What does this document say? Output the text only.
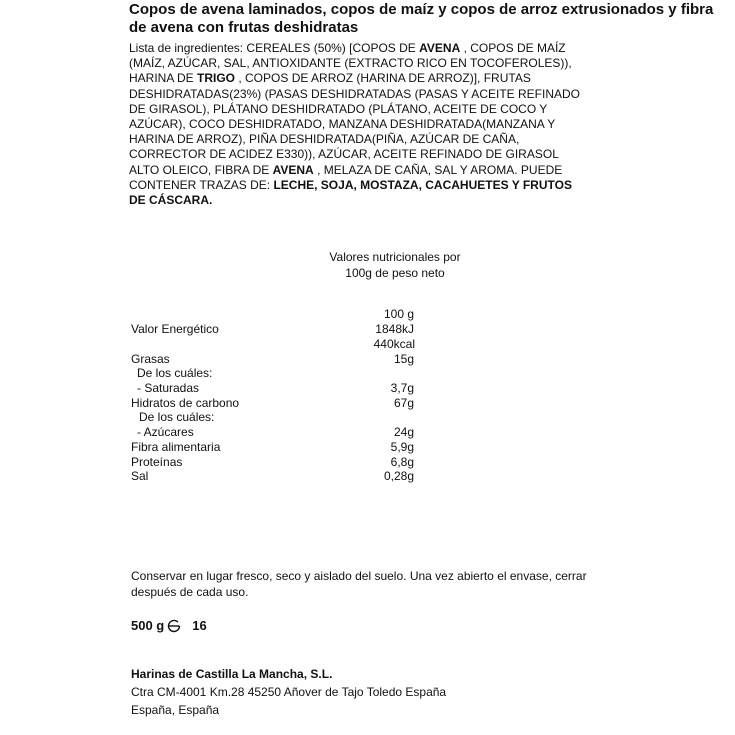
Copos de avena laminados, copos de maíz y copos de arroz extrusionados y fibra de avena con frutas deshidratas
Lista de ingredientes: CEREALES (50%) [COPOS DE AVENA , COPOS DE MAÍZ (MAÍZ, AZÚCAR, SAL, ANTIOXIDANTE (EXTRACTO RICO EN TOCOFEROLES)), HARINA DE TRIGO , COPOS DE ARROZ (HARINA DE ARROZ)], FRUTAS DESHIDRATADAS(23%) (PASAS DESHIDRATADAS (PASAS Y ACEITE REFINADO DE GIRASOL), PLÁTANO DESHIDRATADO (PLÁTANO, ACEITE DE COCO Y AZÚCAR), COCO DESHIDRATADO, MANZANA DESHIDRATADA(MANZANA Y HARINA DE ARROZ), PIÑA DESHIDRATADA(PIÑA, AZÚCAR DE CAÑA, CORRECTOR DE ACIDEZ E330)), AZÚCAR, ACEITE REFINADO DE GIRASOL ALTO OLEICO, FIBRA DE AVENA , MELAZA DE CAÑA, SAL Y AROMA. PUEDE CONTENER TRAZAS DE: LECHE, SOJA, MOSTAZA, CACAHUETES Y FRUTOS DE CÁSCARA.
Valores nutricionales por
100g de peso neto
100 g
Valor Energético	1848kJ
440kcal
Grasas	15g
De los cuáles:
- Saturadas	3,7g
Hidratos de carbono	67g
De los cuáles:
- Azúcares	24g
Fibra alimentaria	5,9g
Proteínas	6,8g
Sal	0,28g
Conservar en lugar fresco, seco y aislado del suelo. Una vez abierto el envase, cerrar después de cada uso.
500 g 16
Harinas de Castilla La Mancha, S.L.
Ctra CM-4001 Km.28 45250 Añover de Tajo Toledo España
España, España
